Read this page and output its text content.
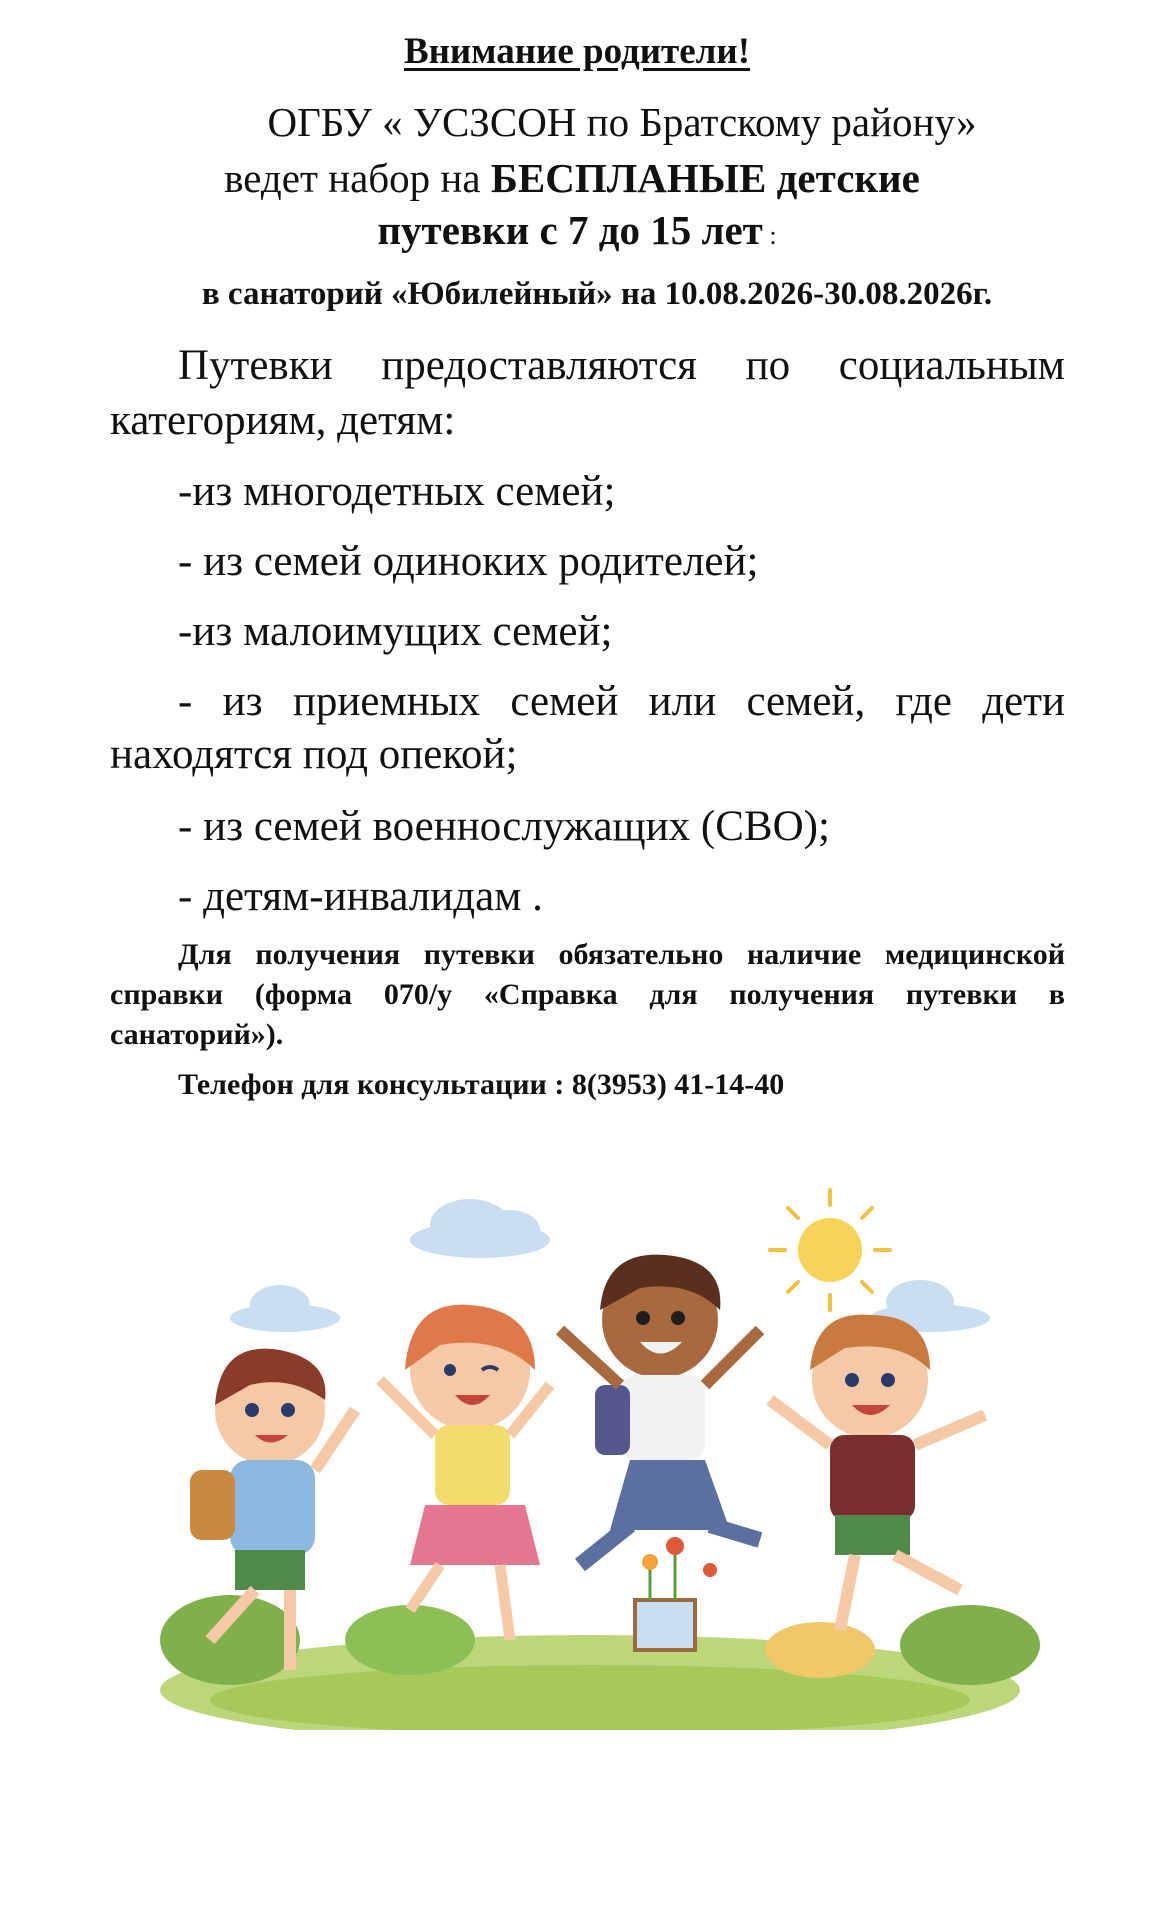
Внимание родители!
ОГБУ « УСЗСОН по Братскому району»
ведет набор на БЕСПЛАНЫЕ детские
путевки с 7 до 15 лет :
в санаторий «Юбилейный» на 10.08.2026-30.08.2026г.
Путевки предоставляются по социальным категориям, детям:
-из многодетных семей;
- из семей одиноких родителей;
-из малоимущих семей;
- из приемных семей или семей, где дети находятся под опекой;
- из семей военнослужащих (СВО);
- детям-инвалидам .
Для получения путевки обязательно наличие медицинской справки (форма 070/у «Справка для получения путевки в санаторий»).
Телефон для консультации : 8(3953) 41-14-40
